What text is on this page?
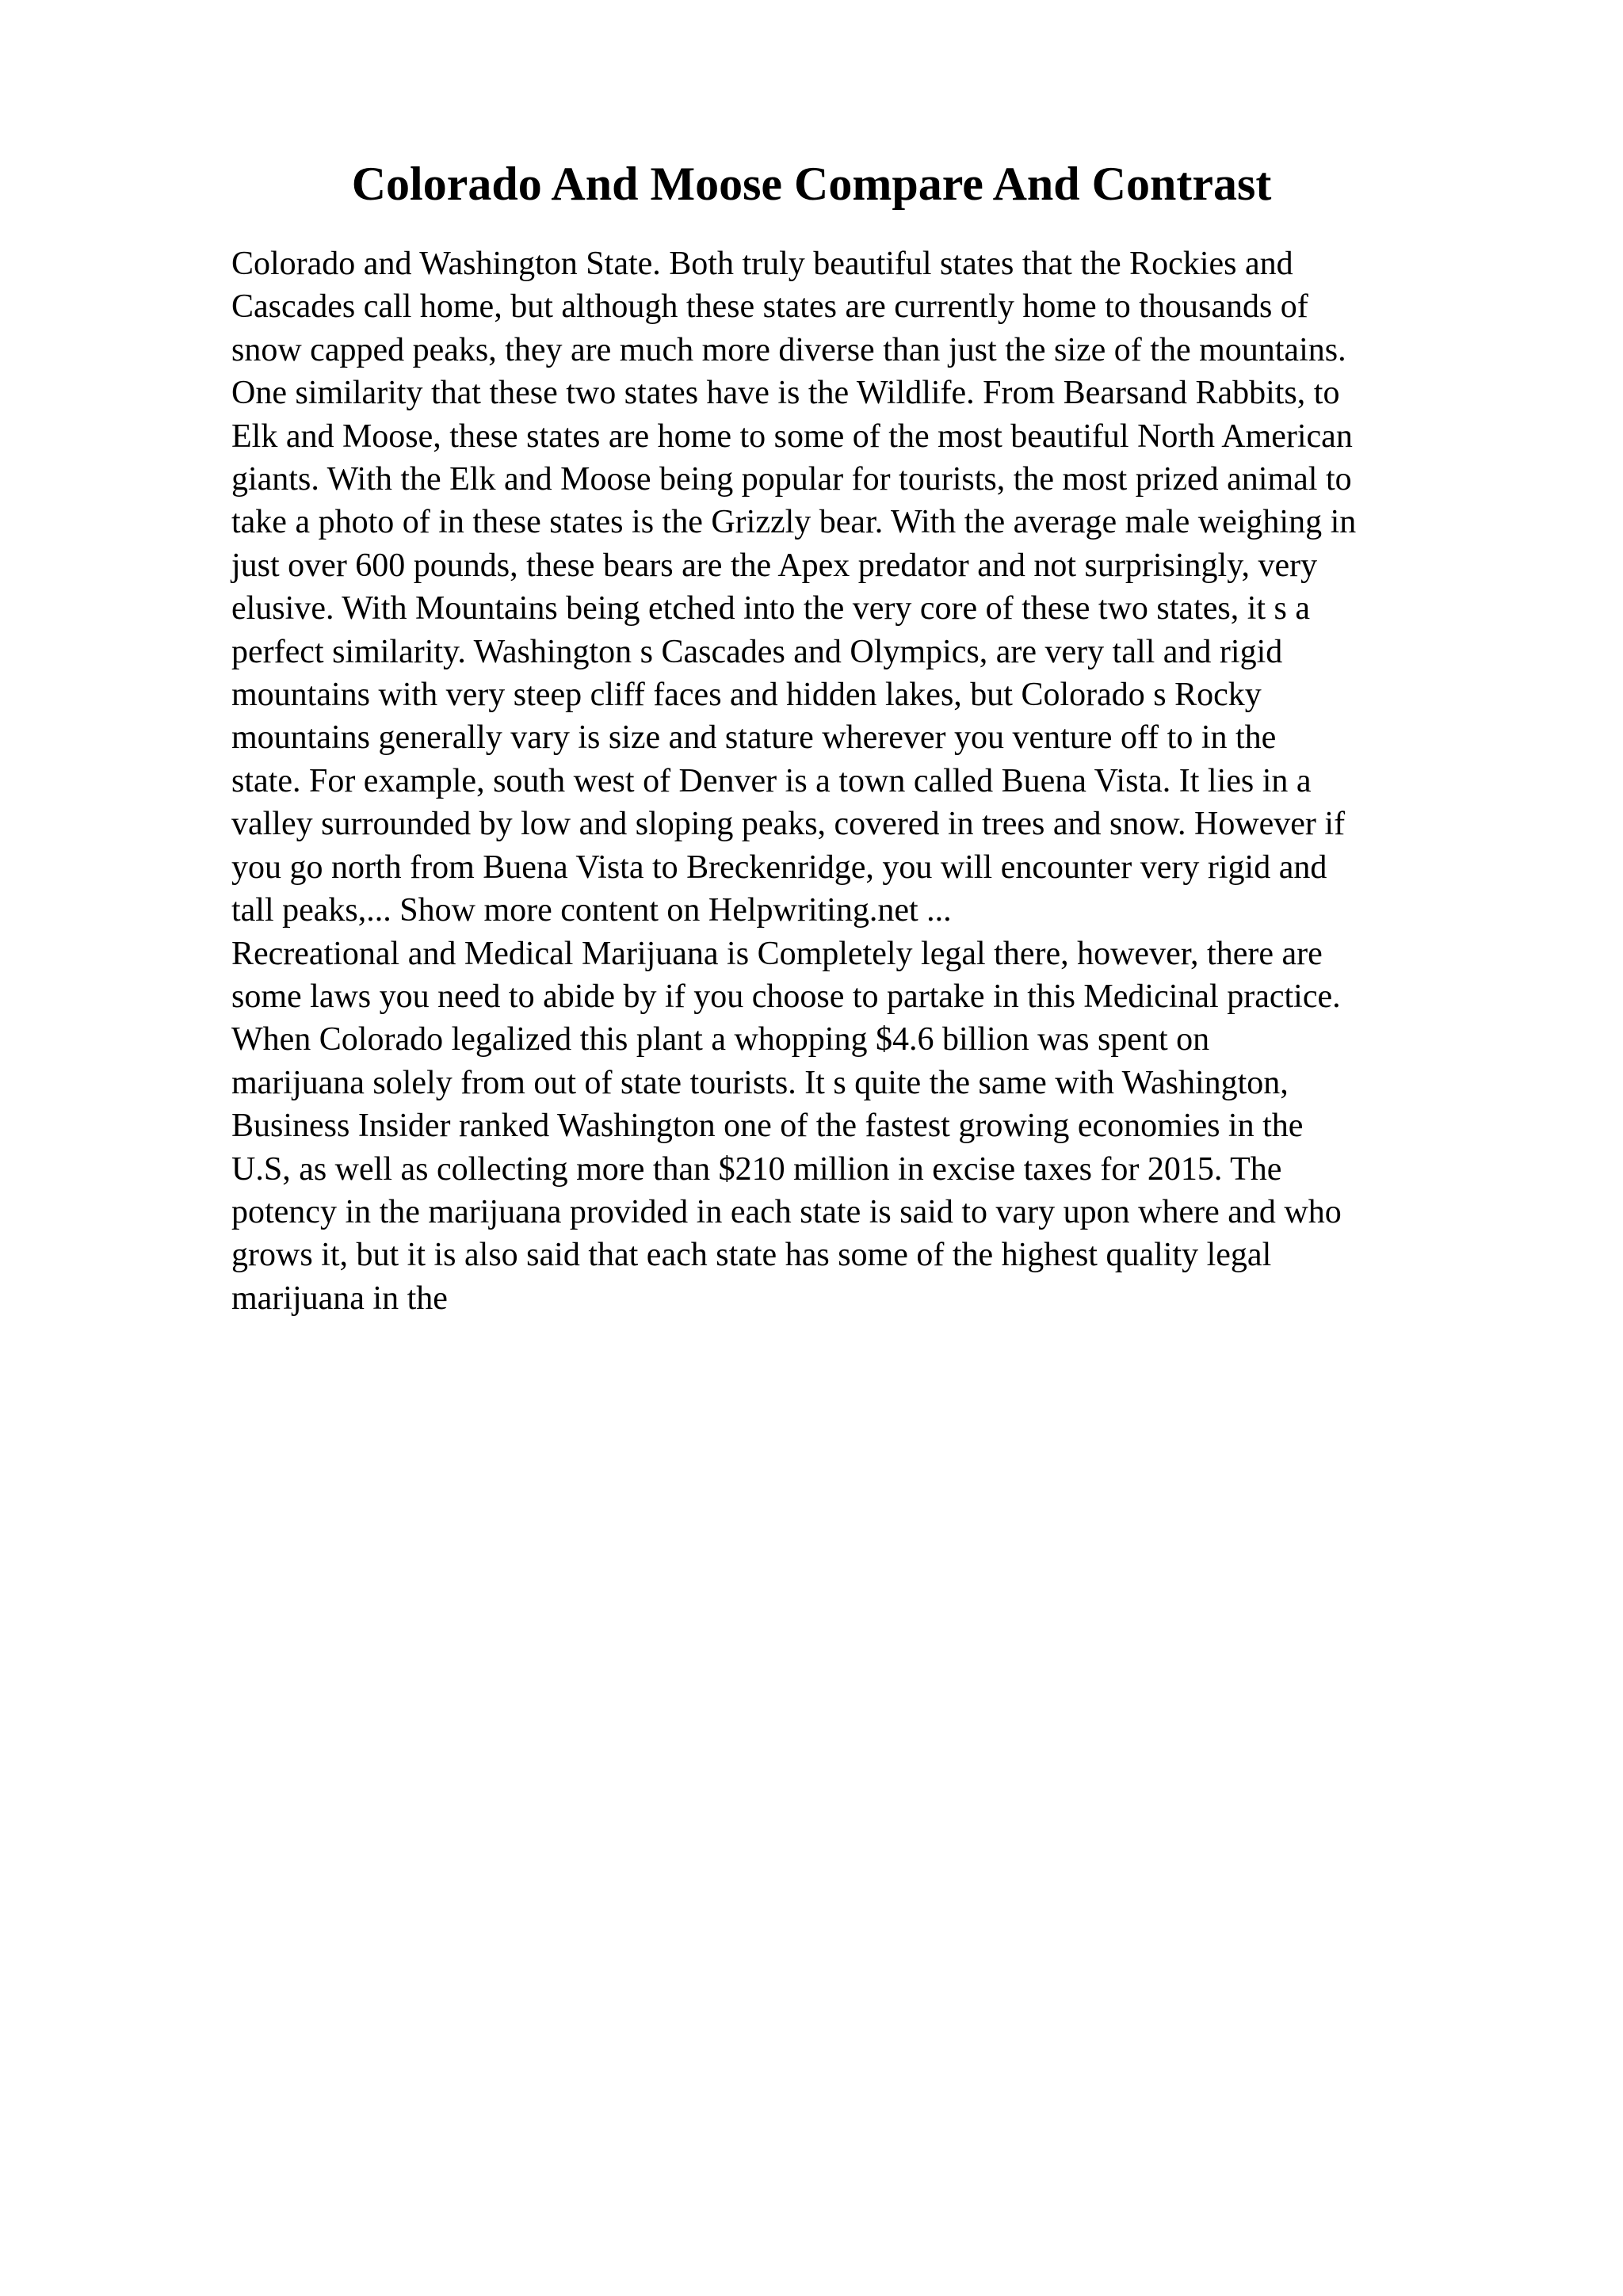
Colorado And Moose Compare And Contrast

Colorado and Washington State. Both truly beautiful states that the Rockies and
Cascades call home, but although these states are currently home to thousands of
snow capped peaks, they are much more diverse than just the size of the mountains.
One similarity that these two states have is the Wildlife. From Bearsand Rabbits, to
Elk and Moose, these states are home to some of the most beautiful North American
giants. With the Elk and Moose being popular for tourists, the most prized animal to
take a photo of in these states is the Grizzly bear. With the average male weighing in
just over 600 pounds, these bears are the Apex predator and not surprisingly, very
elusive. With Mountains being etched into the very core of these two states, it s a
perfect similarity. Washington s Cascades and Olympics, are very tall and rigid
mountains with very steep cliff faces and hidden lakes, but Colorado s Rocky
mountains generally vary is size and stature wherever you venture off to in the
state. For example, south west of Denver is a town called Buena Vista. It lies in a
valley surrounded by low and sloping peaks, covered in trees and snow. However if
you go north from Buena Vista to Breckenridge, you will encounter very rigid and
tall peaks,... Show more content on Helpwriting.net ...

Recreational and Medical Marijuana is Completely legal there, however, there are
some laws you need to abide by if you choose to partake in this Medicinal practice.
When Colorado legalized this plant a whopping $4.6 billion was spent on
marijuana solely from out of state tourists. It s quite the same with Washington,
Business Insider ranked Washington one of the fastest growing economies in the
U.S, as well as collecting more than $210 million in excise taxes for 2015. The
potency in the marijuana provided in each state is said to vary upon where and who
grows it, but it is also said that each state has some of the highest quality legal
marijuana in the
